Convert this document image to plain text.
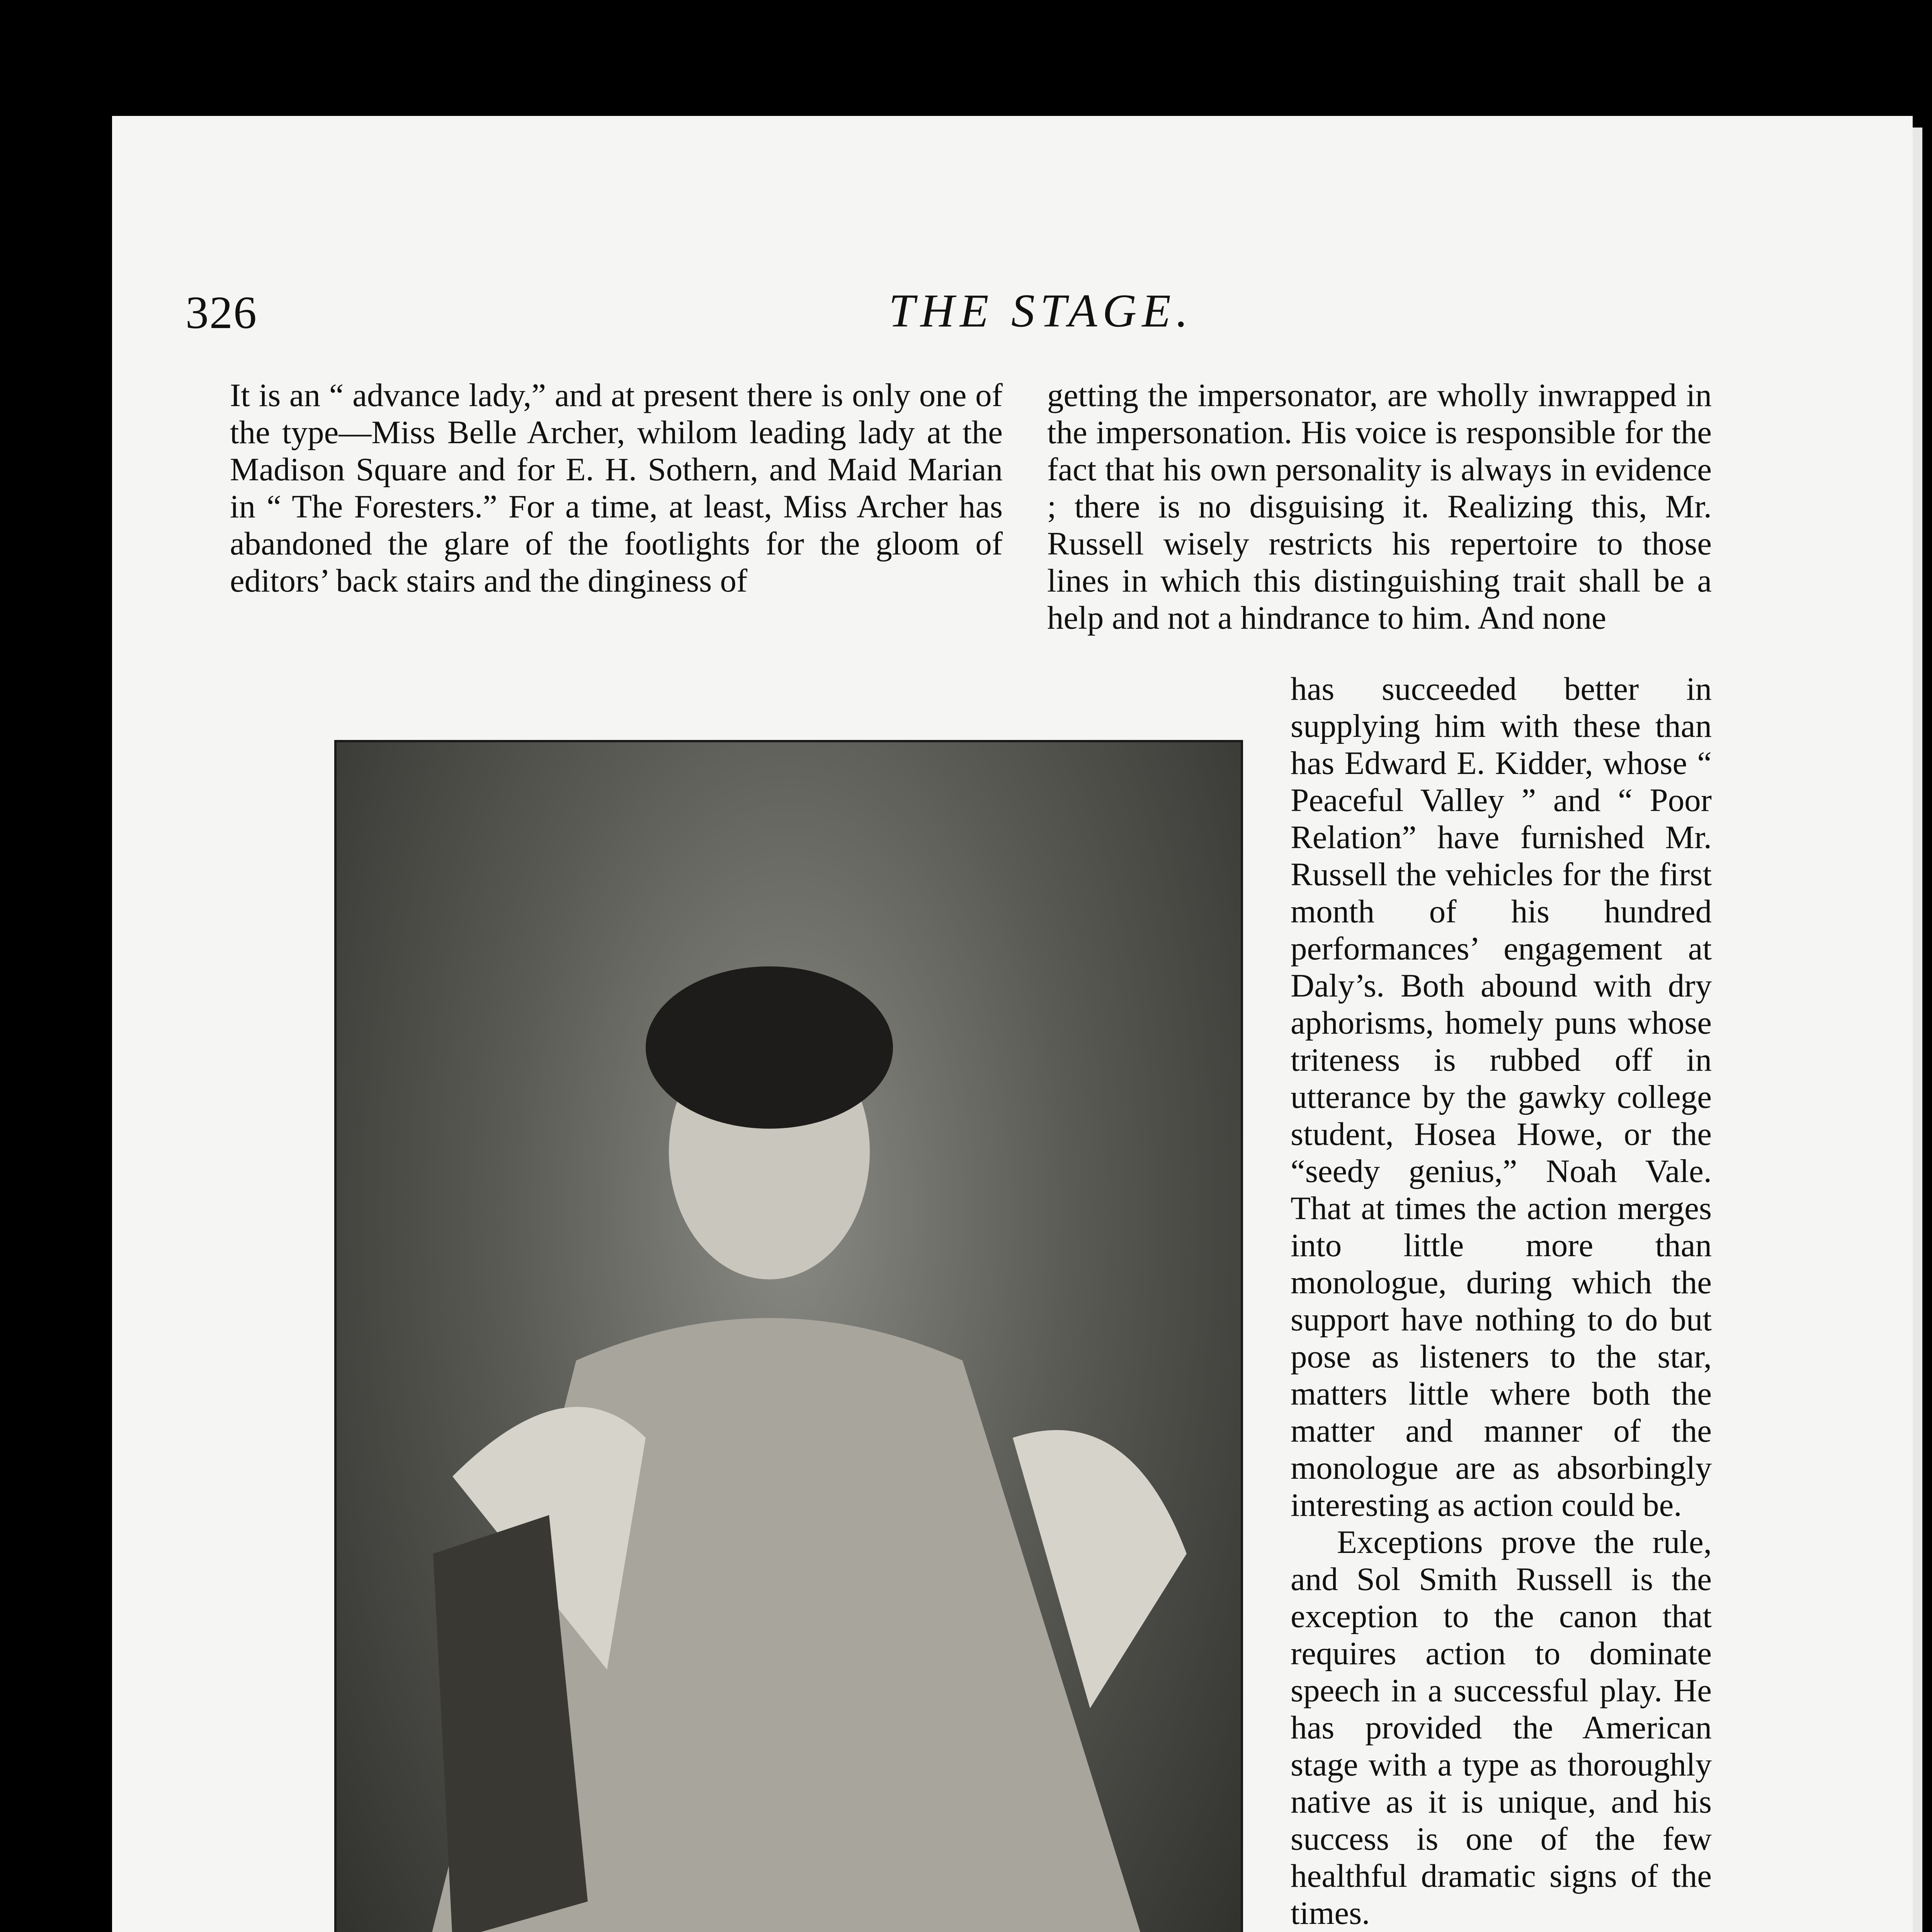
326	THE STAGE.

It is an “ advance lady,” and at present there is only one of the type—Miss Belle Archer, whilom leading lady at the Madison Square and for E. H. Sothern, and Maid Marian in “ The Foresters.” For a time, at least, Miss Archer has abandoned the glare of the footlights for the gloom of editors’ back stairs and the dinginess of

getting the impersonator, are wholly inwrapped in the impersonation. His voice is responsible for the fact that his own personality is always in evidence ; there is no disguising it. Realizing this, Mr. Russell wisely restricts his repertoire to those lines in which this distinguishing trait shall be a help and not a hindrance to him. And none

has succeeded better in supplying him with these than has Edward E. Kidder, whose “ Peaceful Valley ” and “ Poor Relation” have furnished Mr. Russell the vehicles for the first month of his hundred performances’ engagement at Daly’s. Both abound with dry aphorisms, homely puns whose triteness is rubbed off in utterance by the gawky college student, Hosea Howe, or the “seedy genius,” Noah Vale. That at times the action merges into little more than monologue, during which the support have nothing to do but pose as listeners to the star, matters little where both the matter and manner of the monologue are as absorbingly interesting as action could be.

Exceptions prove the rule, and Sol Smith Russell is the exception to the canon that requires action to dominate speech in a successful play. He has provided the American stage with a type as thoroughly native as it is unique, and his success is one of the few healthful dramatic signs of the times.
